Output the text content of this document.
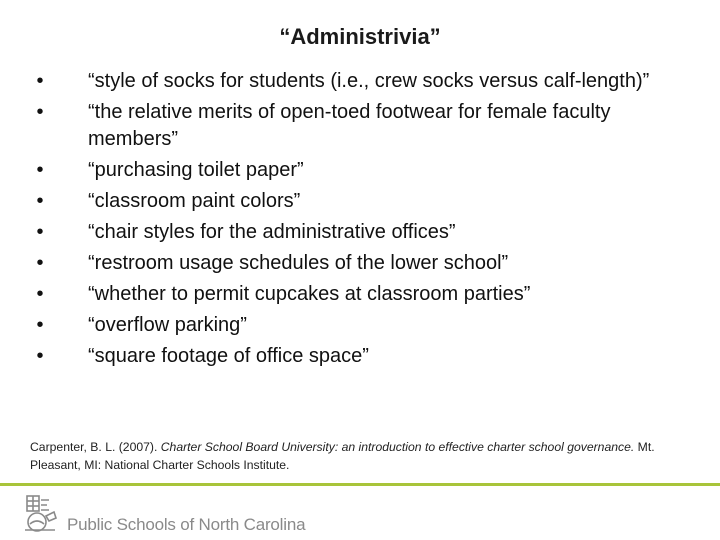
“Administrivia”
•	“style of socks for students (i.e., crew socks versus calf-length)”
•	“the relative merits of open-toed footwear for female faculty members”
•	“purchasing toilet paper”
•	“classroom paint colors”
•	“chair styles for the administrative offices”
•	“restroom usage schedules of the lower school”
•	“whether to permit cupcakes at classroom parties”
•	“overflow parking”
•	“square footage of office space”

Carpenter, B. L. (2007). Charter School Board University: an introduction to effective charter school governance. Mt. Pleasant, MI: National Charter Schools Institute.

Public Schools of North Carolina
